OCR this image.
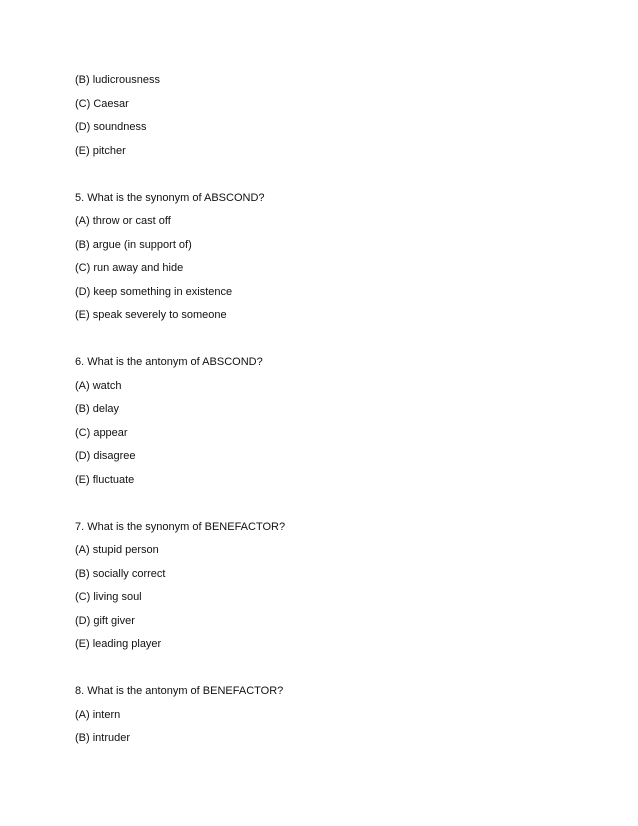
(B) ludicrousness
(C) Caesar
(D) soundness
(E) pitcher
5. What is the synonym of ABSCOND?
(A) throw or cast off
(B) argue (in support of)
(C) run away and hide
(D) keep something in existence
(E) speak severely to someone
6. What is the antonym of ABSCOND?
(A) watch
(B) delay
(C) appear
(D) disagree
(E) fluctuate
7. What is the synonym of BENEFACTOR?
(A) stupid person
(B) socially correct
(C) living soul
(D) gift giver
(E) leading player
8. What is the antonym of BENEFACTOR?
(A) intern
(B) intruder
